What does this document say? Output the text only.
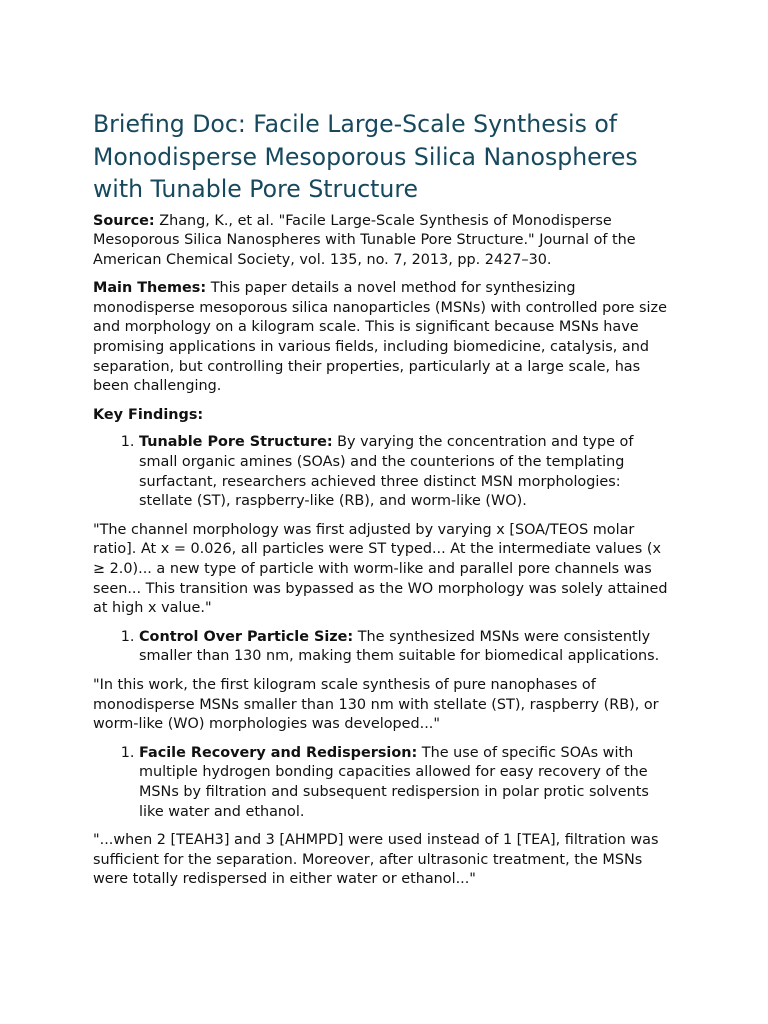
Briefing Doc: Facile Large-Scale Synthesis of Monodisperse Mesoporous Silica Nanospheres with Tunable Pore Structure

Source: Zhang, K., et al. "Facile Large-Scale Synthesis of Monodisperse Mesoporous Silica Nanospheres with Tunable Pore Structure." Journal of the American Chemical Society, vol. 135, no. 7, 2013, pp. 2427–30.

Main Themes: This paper details a novel method for synthesizing monodisperse mesoporous silica nanoparticles (MSNs) with controlled pore size and morphology on a kilogram scale. This is significant because MSNs have promising applications in various fields, including biomedicine, catalysis, and separation, but controlling their properties, particularly at a large scale, has been challenging.

Key Findings:

1. Tunable Pore Structure: By varying the concentration and type of small organic amines (SOAs) and the counterions of the templating surfactant, researchers achieved three distinct MSN morphologies: stellate (ST), raspberry-like (RB), and worm-like (WO).

"The channel morphology was first adjusted by varying x [SOA/TEOS molar ratio]. At x = 0.026, all particles were ST typed... At the intermediate values (x ≥ 2.0)... a new type of particle with worm-like and parallel pore channels was seen... This transition was bypassed as the WO morphology was solely attained at high x value."

1. Control Over Particle Size: The synthesized MSNs were consistently smaller than 130 nm, making them suitable for biomedical applications.

"In this work, the first kilogram scale synthesis of pure nanophases of monodisperse MSNs smaller than 130 nm with stellate (ST), raspberry (RB), or worm-like (WO) morphologies was developed..."

1. Facile Recovery and Redispersion: The use of specific SOAs with multiple hydrogen bonding capacities allowed for easy recovery of the MSNs by filtration and subsequent redispersion in polar protic solvents like water and ethanol.

"...when 2 [TEAH3] and 3 [AHMPD] were used instead of 1 [TEA], filtration was sufficient for the separation. Moreover, after ultrasonic treatment, the MSNs were totally redispersed in either water or ethanol..."
